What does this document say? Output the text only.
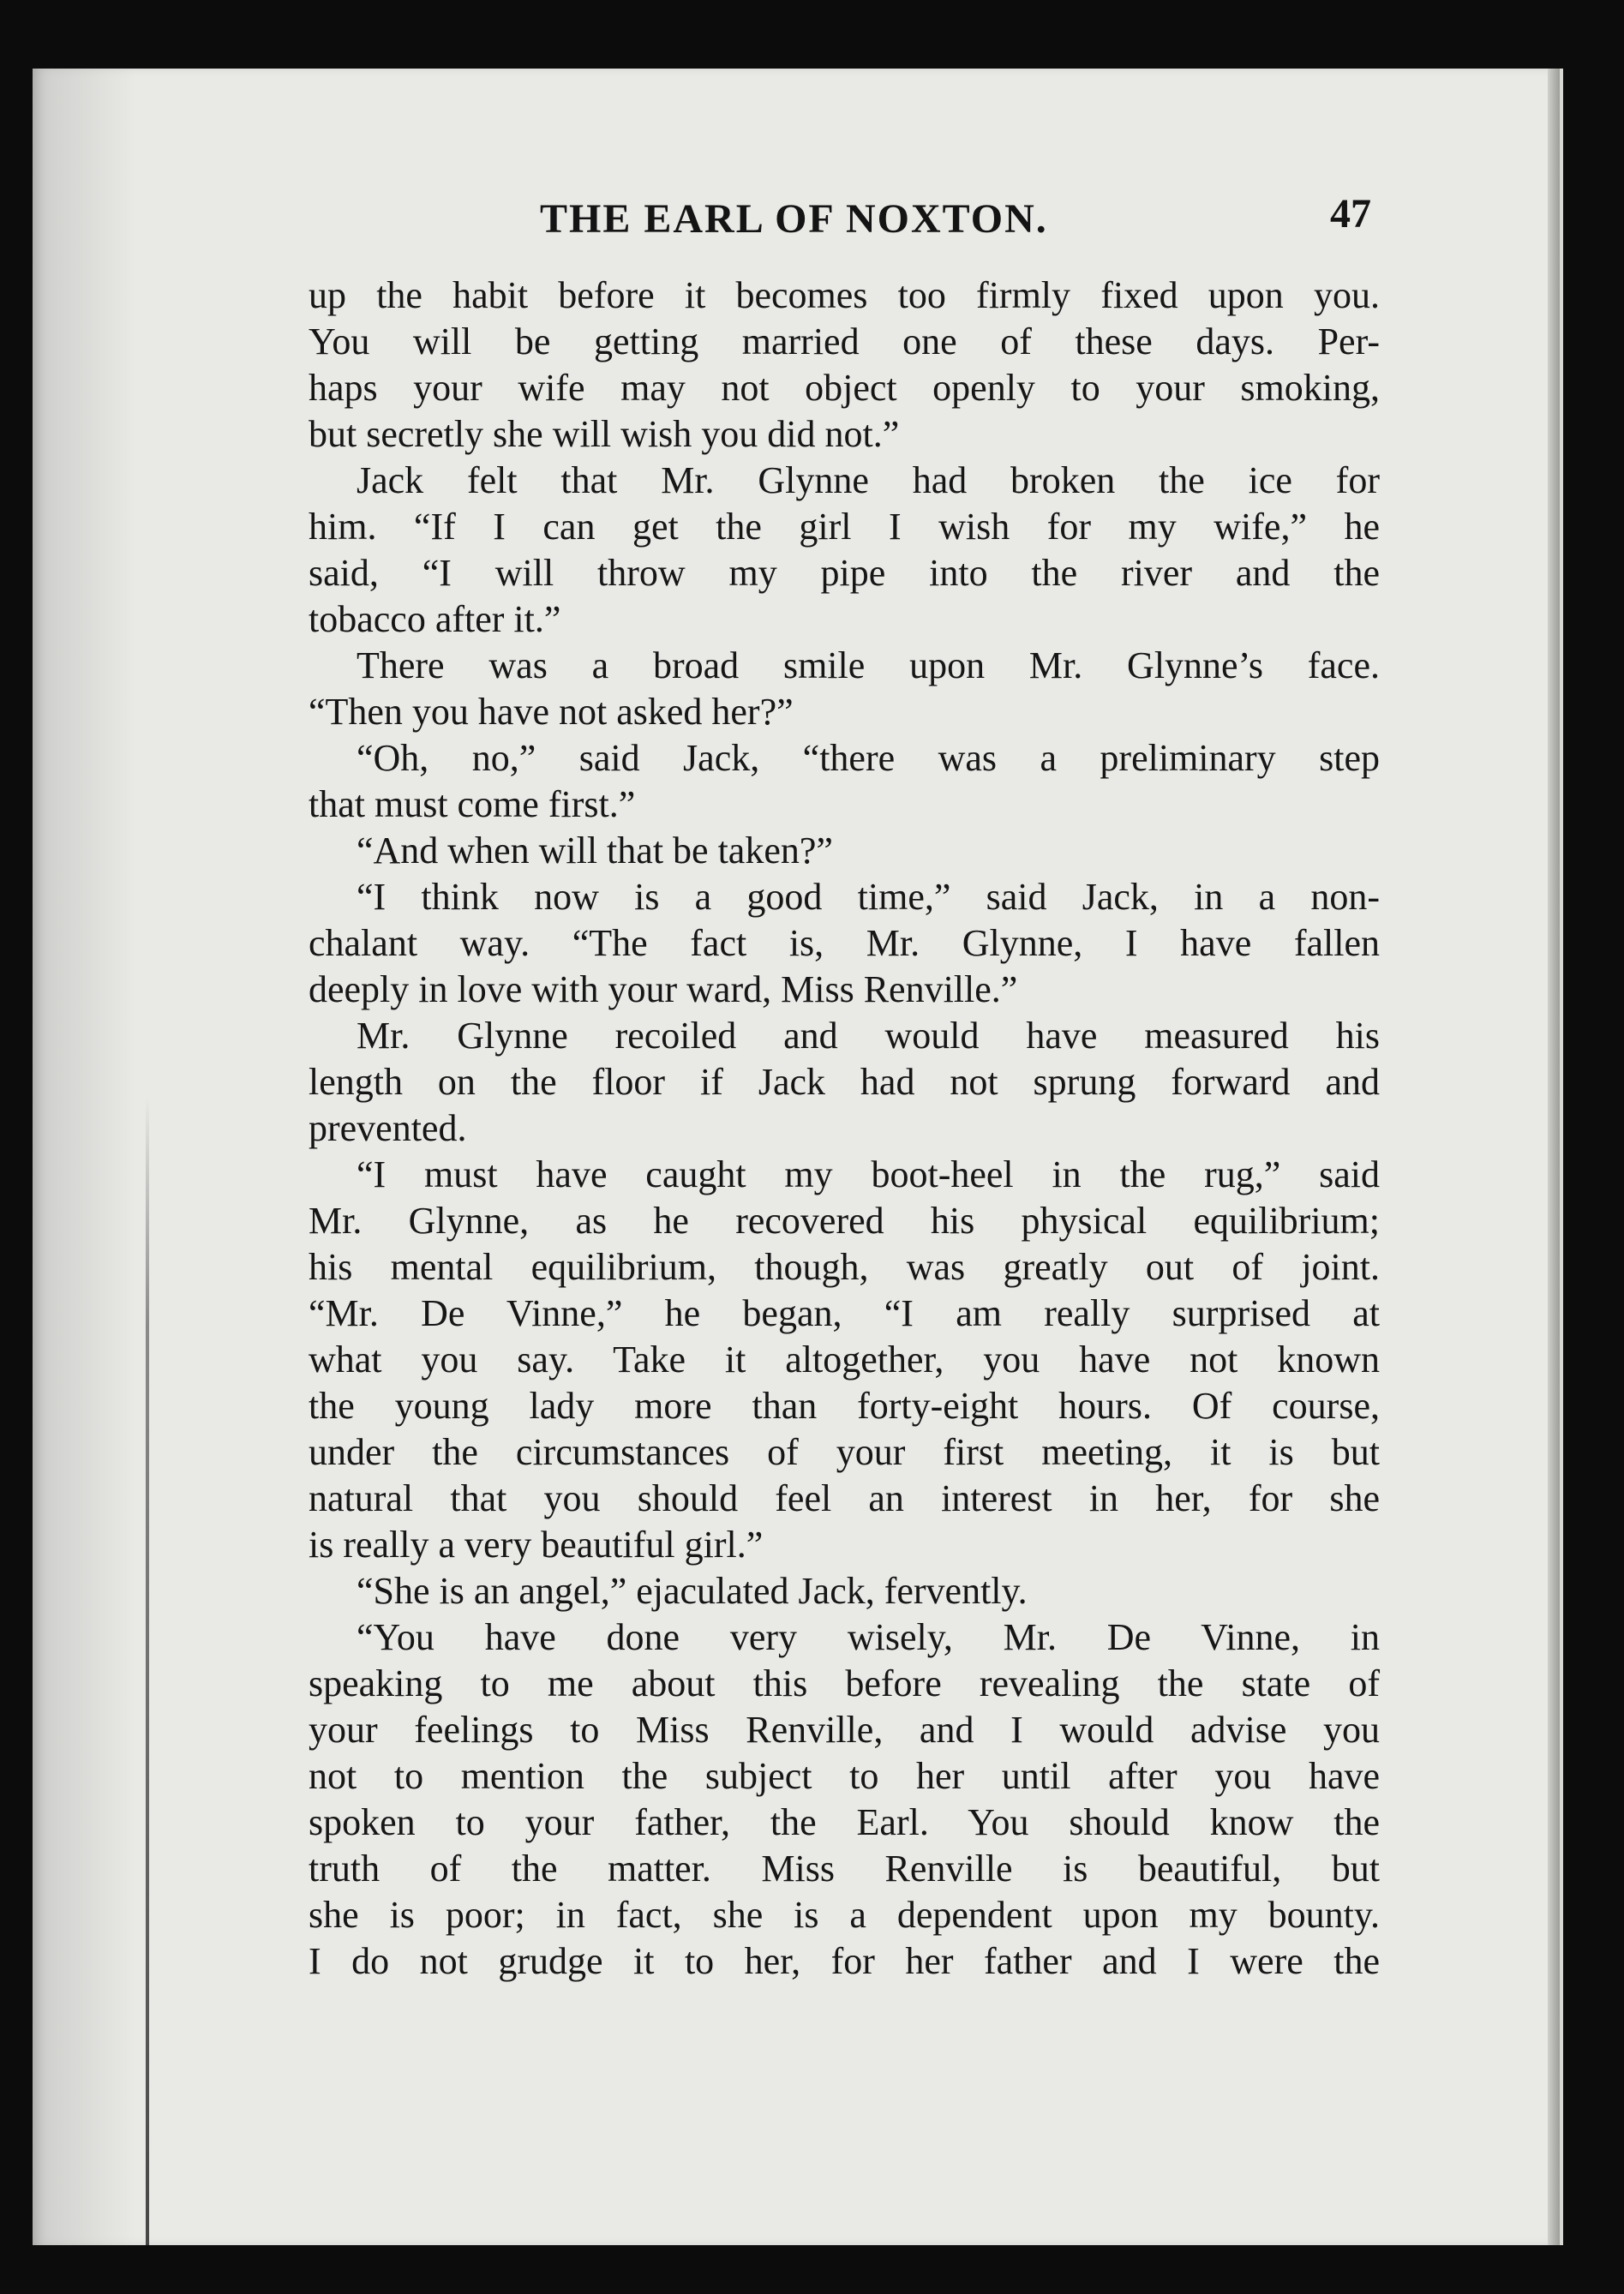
THE EARL OF NOXTON.	47
up the habit before it becomes too firmly fixed upon you.
You will be getting married one of these days. Per-
haps your wife may not object openly to your smoking,
but secretly she will wish you did not.”
Jack felt that Mr. Glynne had broken the ice for
him. “If I can get the girl I wish for my wife,” he
said, “I will throw my pipe into the river and the
tobacco after it.”
There was a broad smile upon Mr. Glynne’s face.
“Then you have not asked her?”
“Oh, no,” said Jack, “there was a preliminary step
that must come first.”
“And when will that be taken?”
“I think now is a good time,” said Jack, in a non-
chalant way. “The fact is, Mr. Glynne, I have fallen
deeply in love with your ward, Miss Renville.”
Mr. Glynne recoiled and would have measured his
length on the floor if Jack had not sprung forward and
prevented.
“I must have caught my boot-heel in the rug,” said
Mr. Glynne, as he recovered his physical equilibrium;
his mental equilibrium, though, was greatly out of joint.
“Mr. De Vinne,” he began, “I am really surprised at
what you say. Take it altogether, you have not known
the young lady more than forty-eight hours. Of course,
under the circumstances of your first meeting, it is but
natural that you should feel an interest in her, for she
is really a very beautiful girl.”
“She is an angel,” ejaculated Jack, fervently.
“You have done very wisely, Mr. De Vinne, in
speaking to me about this before revealing the state of
your feelings to Miss Renville, and I would advise you
not to mention the subject to her until after you have
spoken to your father, the Earl. You should know the
truth of the matter. Miss Renville is beautiful, but
she is poor; in fact, she is a dependent upon my bounty.
I do not grudge it to her, for her father and I were the
